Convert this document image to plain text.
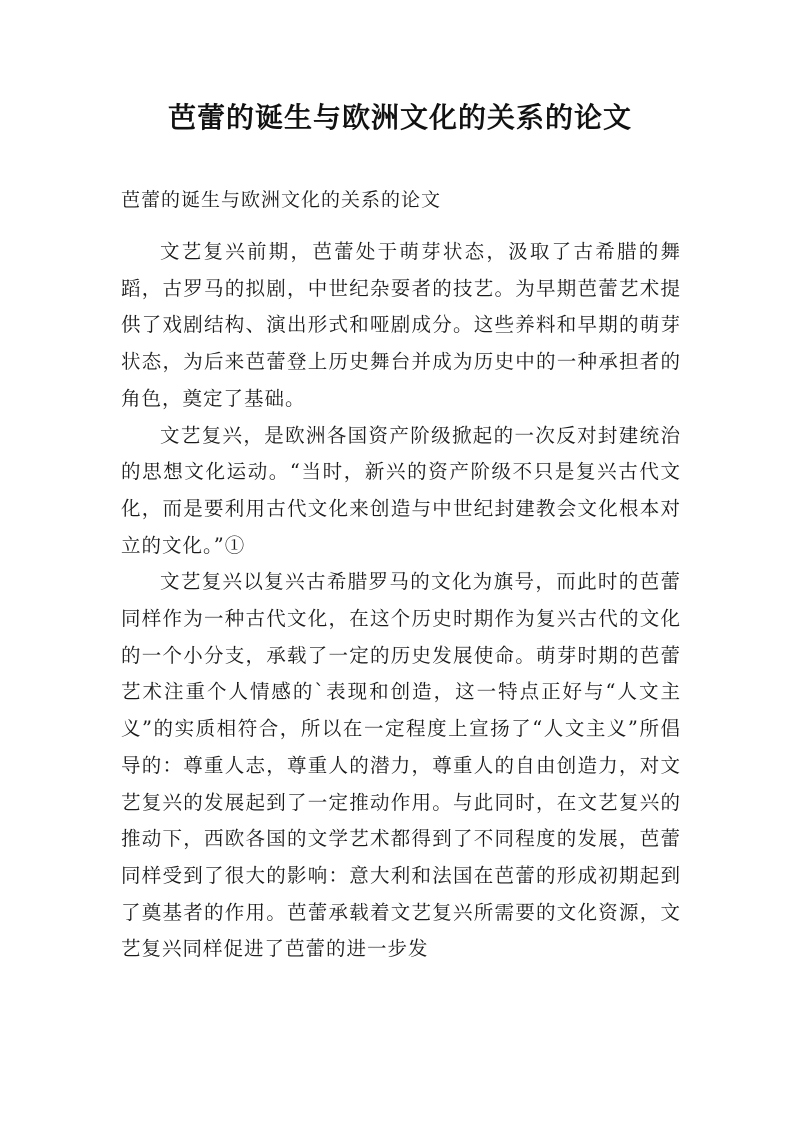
芭蕾的诞生与欧洲文化的关系的论文

芭蕾的诞生与欧洲文化的关系的论文

文艺复兴前期，芭蕾处于萌芽状态，汲取了古希腊的舞蹈，古罗马的拟剧，中世纪杂耍者的技艺。为早期芭蕾艺术提供了戏剧结构、演出形式和哑剧成分。这些养料和早期的萌芽状态，为后来芭蕾登上历史舞台并成为历史中的一种承担者的角色，奠定了基础。

文艺复兴，是欧洲各国资产阶级掀起的一次反对封建统治的思想文化运动。“当时，新兴的资产阶级不只是复兴古代文化，而是要利用古代文化来创造与中世纪封建教会文化根本对立的文化。”①

文艺复兴以复兴古希腊罗马的文化为旗号，而此时的芭蕾同样作为一种古代文化，在这个历史时期作为复兴古代的文化的一个小分支，承载了一定的历史发展使命。萌芽时期的芭蕾艺术注重个人情感的`表现和创造，这一特点正好与“人文主义”的实质相符合，所以在一定程度上宣扬了“人文主义”所倡导的：尊重人志，尊重人的潜力，尊重人的自由创造力，对文艺复兴的发展起到了一定推动作用。与此同时，在文艺复兴的推动下，西欧各国的文学艺术都得到了不同程度的发展，芭蕾同样受到了很大的影响：意大利和法国在芭蕾的形成初期起到了奠基者的作用。芭蕾承载着文艺复兴所需要的文化资源，文艺复兴同样促进了芭蕾的进一步发
